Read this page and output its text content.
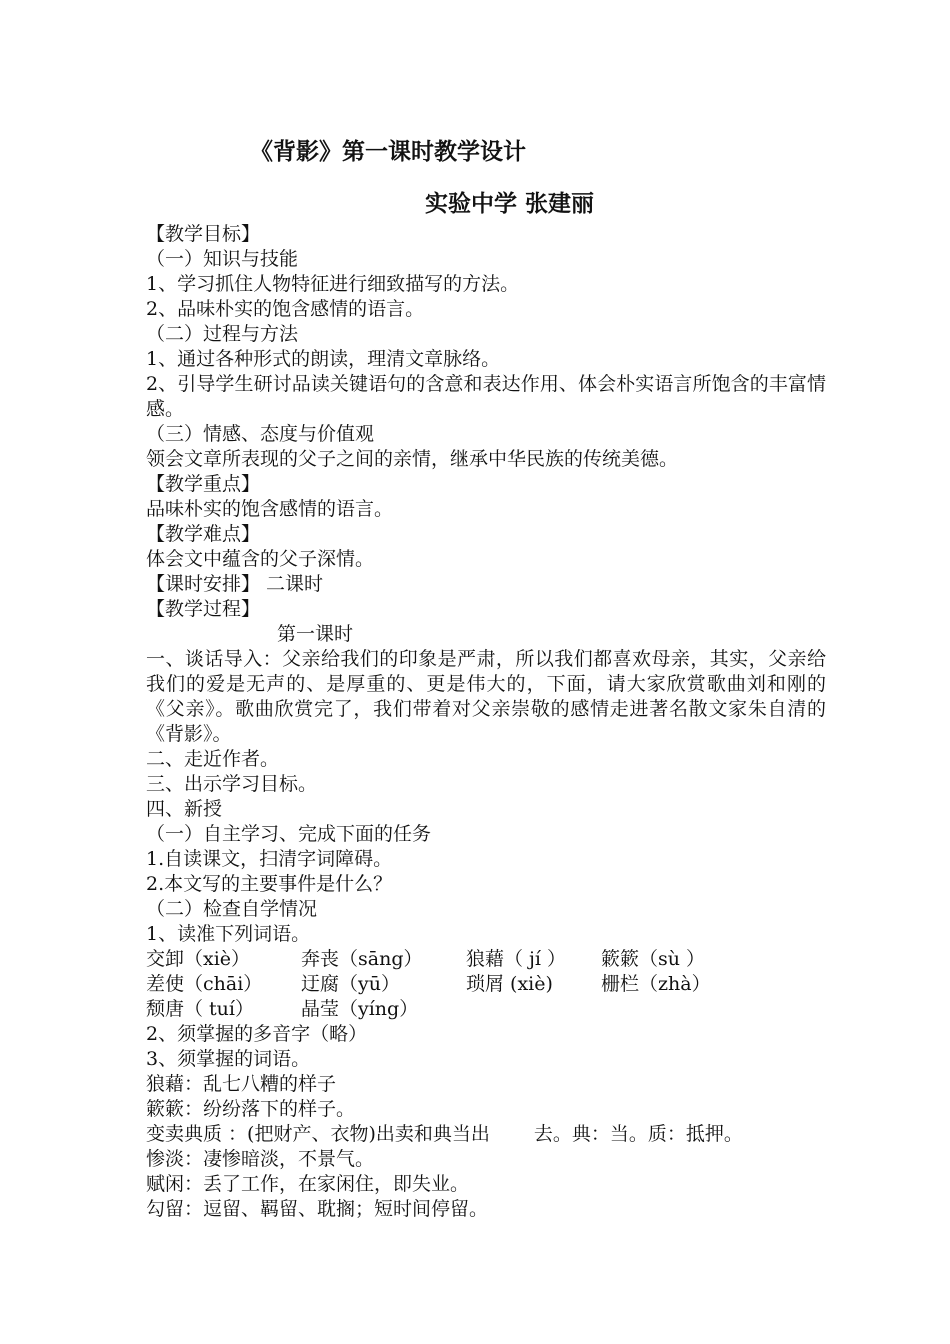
《背影》第一课时教学设计
实验中学 张建丽
【教学目标】
（一）知识与技能
1、学习抓住人物特征进行细致描写的方法。
2、品味朴实的饱含感情的语言。
（二）过程与方法
1、通过各种形式的朗读，理清文章脉络。
2、引导学生研讨品读关键语句的含意和表达作用、体会朴实语言所饱含的丰富情感。
（三）情感、态度与价值观
领会文章所表现的父子之间的亲情，继承中华民族的传统美德。
【教学重点】
品味朴实的饱含感情的语言。
【教学难点】
体会文中蕴含的父子深情。
【课时安排】 二课时
【教学过程】
第一课时
一、谈话导入：父亲给我们的印象是严肃，所以我们都喜欢母亲，其实，父亲给我们的爱是无声的、是厚重的、更是伟大的，下面，请大家欣赏歌曲刘和刚的《父亲》。歌曲欣赏完了，我们带着对父亲崇敬的感情走进著名散文家朱自清的《背影》。
二、走近作者。
三、出示学习目标。
四、新授
（一）自主学习、完成下面的任务
1.自读课文，扫清字词障碍。
2.本文写的主要事件是什么？
（二）检查自学情况
1、读准下列词语。
交卸（xiè）	奔丧（sāng）	狼藉（ jí ）	簌簌（sù ）
差使（chāi）	迂腐（yū）	琐屑 (xiè)	栅栏（zhà）
颓唐（ tuí）	晶莹（yíng）
2、须掌握的多音字（略）
3、须掌握的词语。
狼藉：乱七八糟的样子
簌簌：纷纷落下的样子。
变卖典质 ：(把财产、衣物)出卖和典当出 去。典：当。质：抵押。
惨淡：凄惨暗淡，不景气。
赋闲：丢了工作，在家闲住，即失业。
勾留：逗留、羁留、耽搁；短时间停留。
